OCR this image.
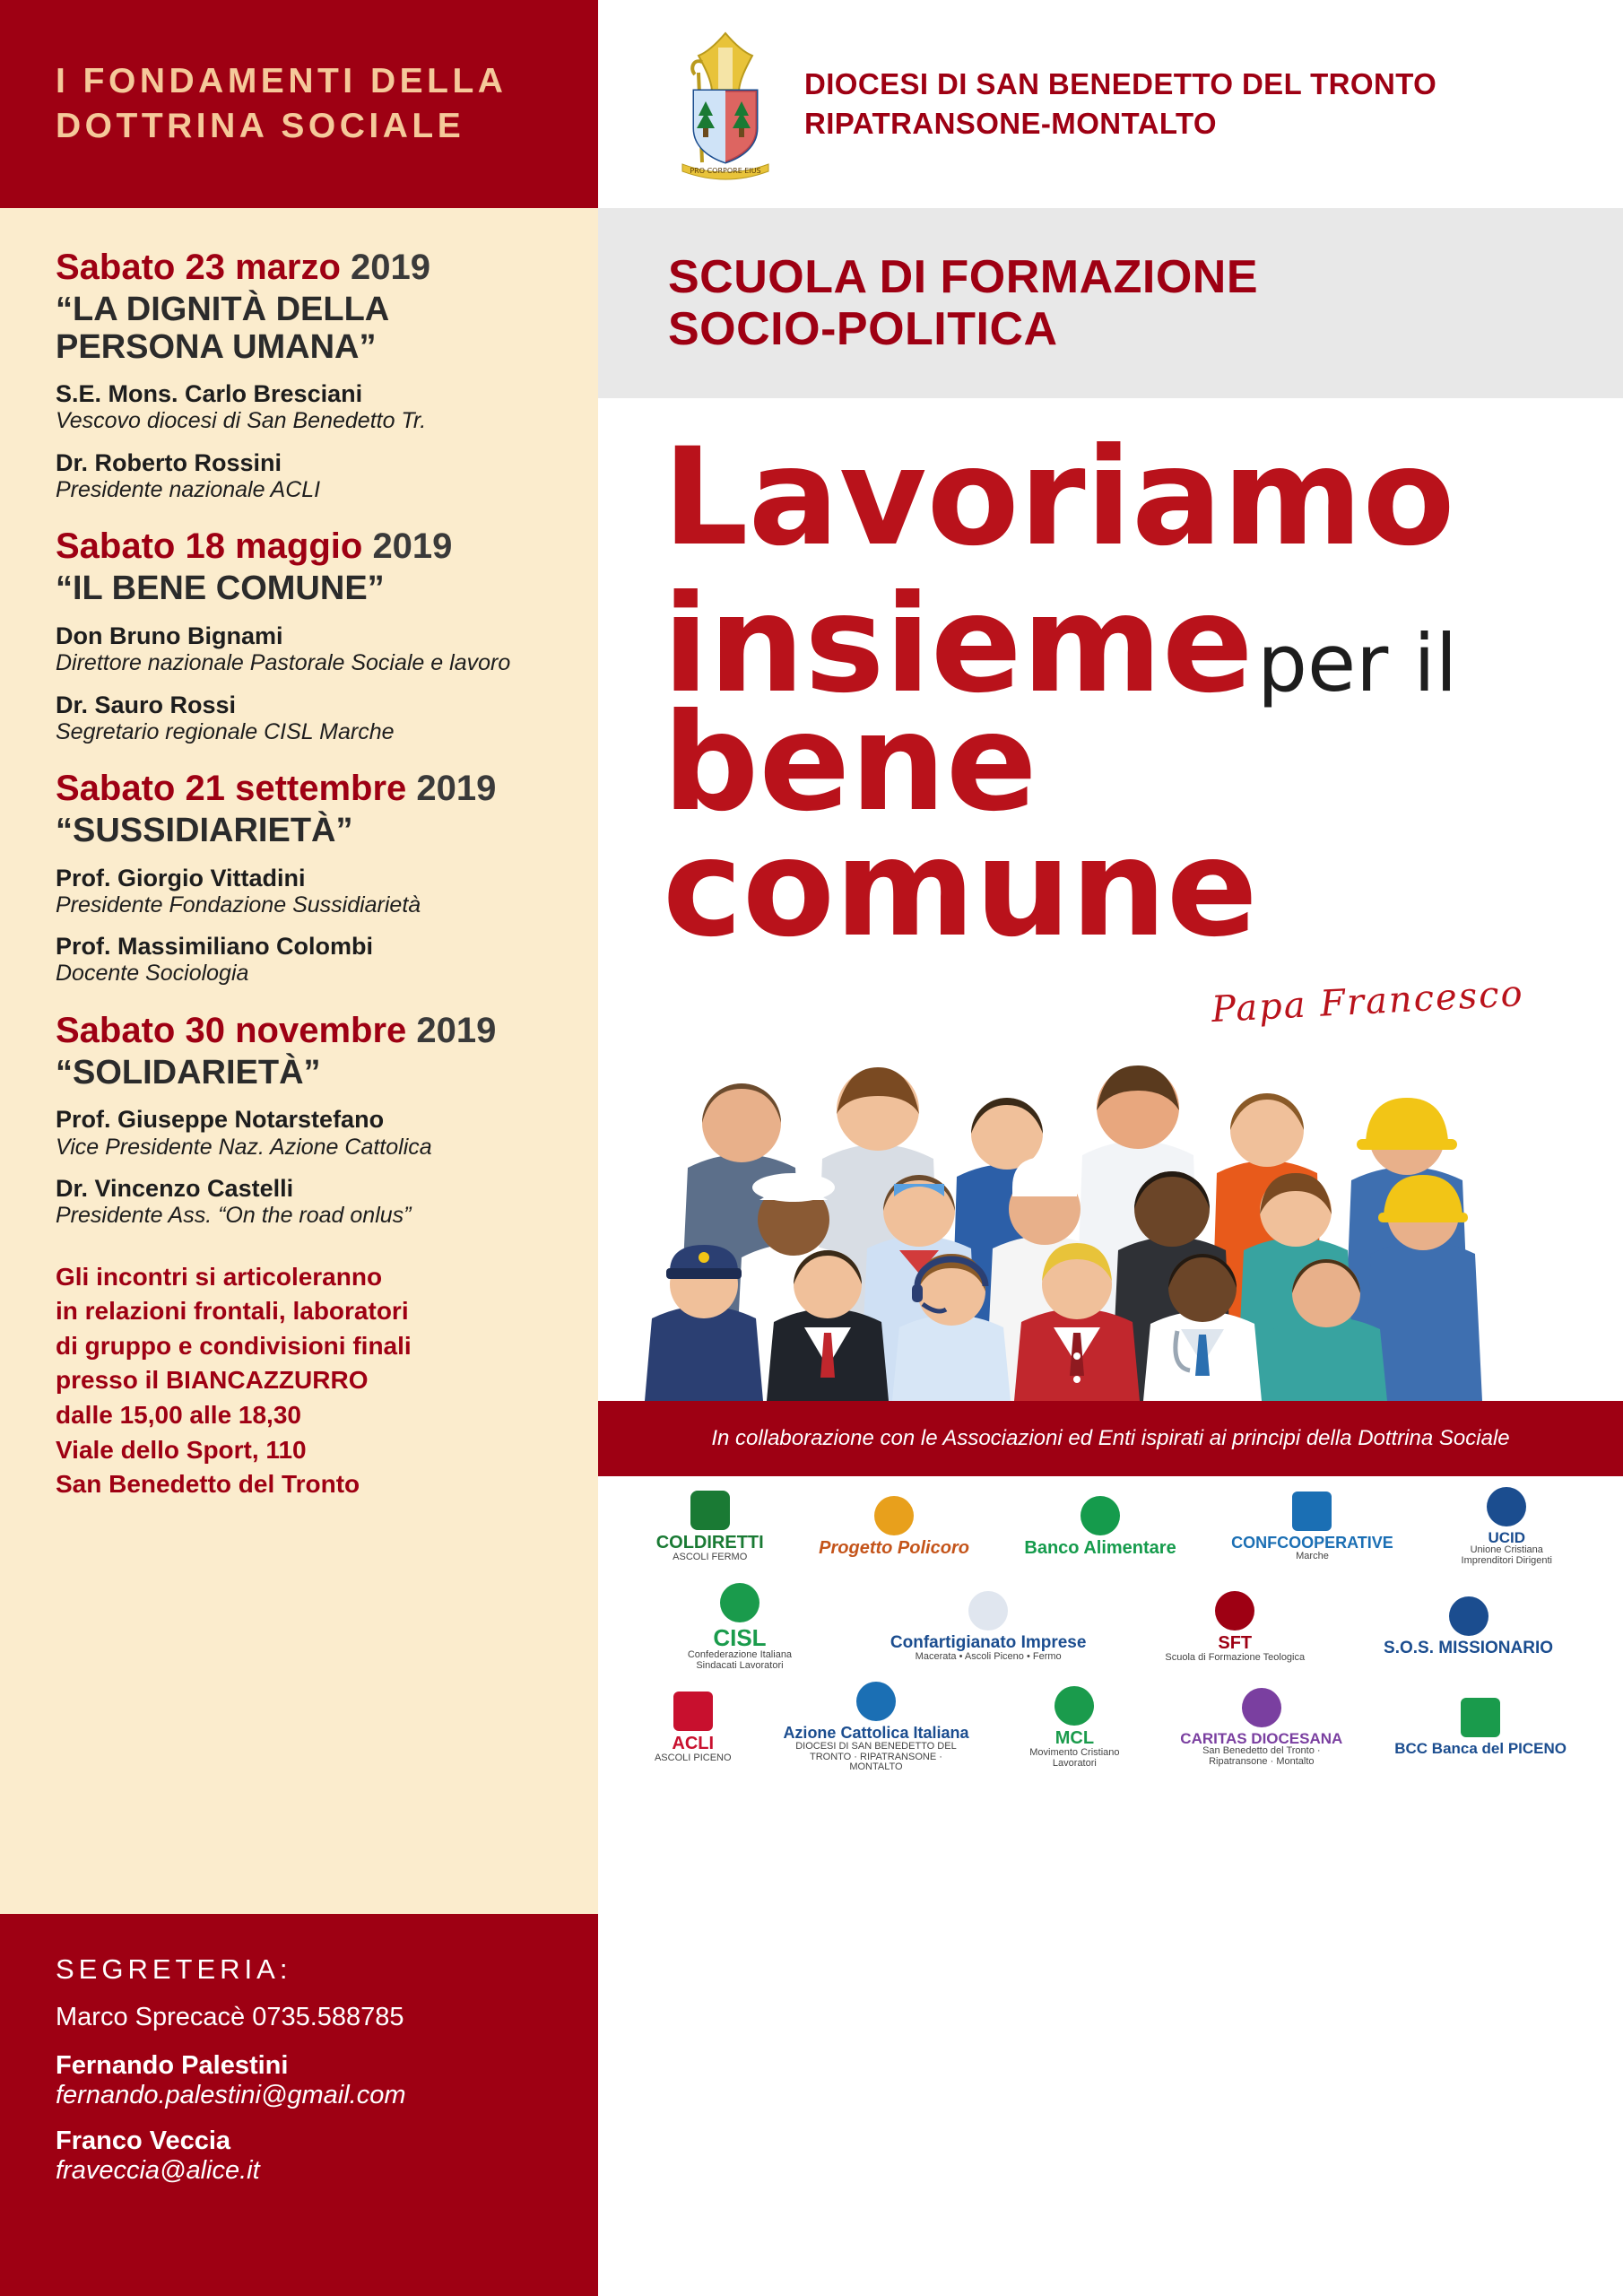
I FONDAMENTI DELLA
DOTTRINA SOCIALE
PRO CORPORE EIUS
DIOCESI DI SAN BENEDETTO DEL TRONTO
RIPATRANSONE-MONTALTO
Sabato 23 marzo 2019
“LA DIGNITÀ DELLA PERSONA UMANA”
S.E. Mons. Carlo Bresciani
Vescovo diocesi di San Benedetto Tr.
Dr. Roberto Rossini
Presidente nazionale ACLI
Sabato 18 maggio 2019
“IL BENE COMUNE”
Don Bruno Bignami
Direttore nazionale Pastorale Sociale e lavoro
Dr. Sauro Rossi
Segretario regionale CISL Marche
Sabato 21 settembre 2019
“SUSSIDIARIETÀ”
Prof. Giorgio Vittadini
Presidente Fondazione Sussidiarietà
Prof. Massimiliano Colombi
Docente Sociologia
Sabato 30 novembre 2019
“SOLIDARIETÀ”
Prof. Giuseppe Notarstefano
Vice Presidente Naz. Azione Cattolica
Dr. Vincenzo Castelli
Presidente Ass. “On the road onlus”
Gli incontri si articoleranno
in relazioni frontali, laboratori
di gruppo e condivisioni finali
presso il BIANCAZZURRO
dalle 15,00 alle 18,30
Viale dello Sport, 110
San Benedetto del Tronto
SEGRETERIA:
Marco Sprecacè 0735.588785
Fernando Palestini
fernando.palestini@gmail.com
Franco Veccia
fraveccia@alice.it
SCUOLA DI FORMAZIONE
SOCIO-POLITICA
Lavoriamo
insieme per il
bene
comune
Papa Francesco
In collaborazione con le Associazioni ed Enti ispirati ai principi della Dottrina Sociale
COLDIRETTI
ASCOLI FERMO	Progetto Policoro	Banco Alimentare	CONFCOOPERATIVE
Marche
UCID
Unione Cristiana Imprenditori Dirigenti
CISL
Confederazione Italiana Sindacati Lavoratori
Confartigianato Imprese
Macerata • Ascoli Piceno • Fermo
SFT
Scuola di Formazione Teologica	S.O.S. MISSIONARIO
ACLI
ASCOLI PICENO
Azione Cattolica Italiana
DIOCESI DI SAN BENEDETTO DEL TRONTO · RIPATRANSONE · MONTALTO
MCL
Movimento Cristiano Lavoratori
CARITAS DIOCESANA
San Benedetto del Tronto · Ripatransone · Montalto
BCC Banca del PICENO
